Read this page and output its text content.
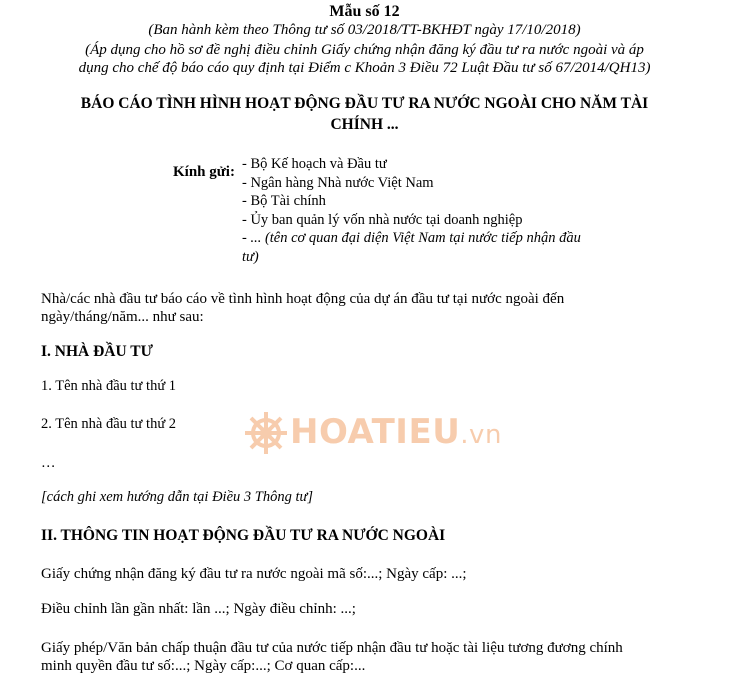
Mẫu số 12
(Ban hành kèm theo Thông tư số 03/2018/TT-BKHĐT ngày 17/10/2018)
(Áp dụng cho hồ sơ đề nghị điều chỉnh Giấy chứng nhận đăng ký đầu tư ra nước ngoài và áp
dụng cho chế độ báo cáo quy định tại Điểm c Khoản 3 Điều 72 Luật Đầu tư số 67/2014/QH13)
BÁO CÁO TÌNH HÌNH HOẠT ĐỘNG ĐẦU TƯ RA NƯỚC NGOÀI CHO NĂM TÀI
CHÍNH ...
Kính gửi: - Bộ Kế hoạch và Đầu tư
- Ngân hàng Nhà nước Việt Nam
- Bộ Tài chính
- Ủy ban quản lý vốn nhà nước tại doanh nghiệp
- ... (tên cơ quan đại diện Việt Nam tại nước tiếp nhận đầu
tư)
Nhà/các nhà đầu tư báo cáo về tình hình hoạt động của dự án đầu tư tại nước ngoài đến
ngày/tháng/năm... như sau:
I. NHÀ ĐẦU TƯ
1. Tên nhà đầu tư thứ 1
2. Tên nhà đầu tư thứ 2
…
[cách ghi xem hướng dẫn tại Điều 3 Thông tư]
II. THÔNG TIN HOẠT ĐỘNG ĐẦU TƯ RA NƯỚC NGOÀI
Giấy chứng nhận đăng ký đầu tư ra nước ngoài mã số:...; Ngày cấp: ...;
Điều chỉnh lần gần nhất: lần ...; Ngày điều chỉnh: ...;
Giấy phép/Văn bản chấp thuận đầu tư của nước tiếp nhận đầu tư hoặc tài liệu tương đương chính
minh quyền đầu tư số:...; Ngày cấp:...; Cơ quan cấp:...
HOATIEU.vn
